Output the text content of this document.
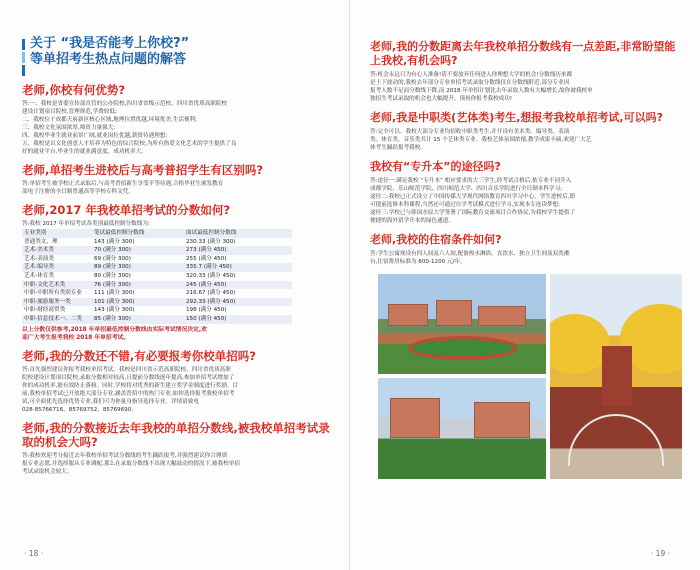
关于 “我是否能考上你校?”
等单招考生热点问题的解答
老师,你校有何优势?
答:一、我校是省委宣传部直管的公办院校,四川省省级示范校、四川省优质高职院校
建设计划项目院校,管理规范,学费较低;
二、我校位于成都天府新区核心区域,地理位置优越,环境优美,生活便利;
三、我校文化氛围浓厚,师资力量强大;
四、我校毕业生就业前景广阔,就业岗位优越,薪资待遇理想;
五、我校是以文化创意人才培养为特色的综合院校,为所有热爱文化艺术的学生提供了良
好的就业平台,毕业生的就业满意度、成功机率大。
老师,单招考生进校后与高考普招学生有区别吗?
答:单招考生被学校正式录取后,与高考普招新生享受平等待遇,合格毕业生颁发教育
部电子注册的全日制普通高等学校专科文凭。
老师,2017 年我校单招考试的分数如何?
答:我校 2017 年单招考试各类别最低控制分数线为:
专业类别	笔试最低控制分数线	面试最低控制分数线
普通类文、理	143 (满分 300)	230.33 (满分 300)
艺术-美术类	70 (满分 300)	273 (满分 450)
艺术-表演类	69 (满分 300)	255 (满分 450)
艺术-编导类	89 (满分 300)	335.7 (满分 450)
艺术-体育类	80 (满分 300)	320.33 (满分 450)
中职-文化艺术类	76 (满分 300)	245 (满分 450)
中职-中职所有类别专业	111 (满分 300)	216.67 (满分 450)
中职-旅游服务一类	101 (满分 300)	292.33 (满分 450)
中职-财经商贸类	143 (满分 300)	198 (满分 450)
中职-信息技术一、二类	85 (满分 300)	150 (满分 450)
以上分数仅供参考,2018 年单招最低控制分数线由实际考试情况决定,欢
迎广大考生报考我校 2018 年单招考试。
老师,我的分数还不错,有必要报考你校单招吗?
答:首先强烈建议你报考我校单招考试。我校是四川省示范高职院校、四川省优质高职
院校建设计划项目院校,录取分数相对较高,且提前分数线逐年提高,参加单招考试增加了
你的成功机率,能有效防止落榜。同时,学校将对优秀的新生建立奖学金制度进行奖励。目
前,我校单招考试已开放绝大部分专业,涵盖普招中的热门专业,如你选择报考我校单招考
试,可全面优先选择优势专业,我们可为你量身指导选择专业。详情请致电
028-85766716、85769752、85769690。
老师,我的分数接近去年我校的单招分数线,被我校单招考试录取的机会大吗?
答:我校欢迎考分接近去年我校单招考试分数线的考生踊跃报考,并强烈建议你合理填
报专业志愿,并选择服从专业调配,那么在录取分数线不出现大幅波动的情况下,被我校单招
考试录取机会较大。
· 18 ·
老师,我的分数距离去年我校单招分数线有一点差距,非常盼望能上我校,有机会吗?
答:机会永远只为有心人准备!请不要放弃任何进入你理想大学的机会!分数线历来都
是上下波动的,我校去年部分专业单招考试录取分数线仅在分数线附近,部分专业因
报考人数不足而分数线下降,而 2018 年单招计划比去年录取人数有大幅增长,故你被我校单
独招生考试录取的机会也大幅提升。预祝你报考我校成功!
老师,我是中职类(艺体类)考生,想报考我校单招考试,可以吗?
答:完全可以。我校大部分专业均招收中职类考生,并开设有美术类、编导类、表演
类、体育类、音乐类共计 15 个艺体类专业。我校艺体氛围浓郁,教学成果丰硕,欢迎广大艺
体考生踊跃报考我校。
我校有“专升本”的途径吗?
答:途径一:满足我校 “专升本” 相应要求的大三学生,经考试合格后,依专业不同升入
成都学院、乐山师范学院、四川师范大学、四川音乐学院进行全日制本科学习;
途径二:我校已正式设立了中国传媒大学现代网络教育四川学习中心。学生进校后,即
可提前选修本科课程,当然还可通过自学考试模式进行学习,实现本专连读梦想;
途径三:学校已与韩国水原大学签署了国际教育交流项目合作协议,为我校学生提供了
便捷的海外留学升本的绿色通道。
老师,我校的住宿条件如何?
答:学生公寓现设有四人间及六人间,配备热水淋浴、直饮水、独立卫生间及双洗漱
台,住宿费用标准为 800-1200 元/年。
· 19 ·
